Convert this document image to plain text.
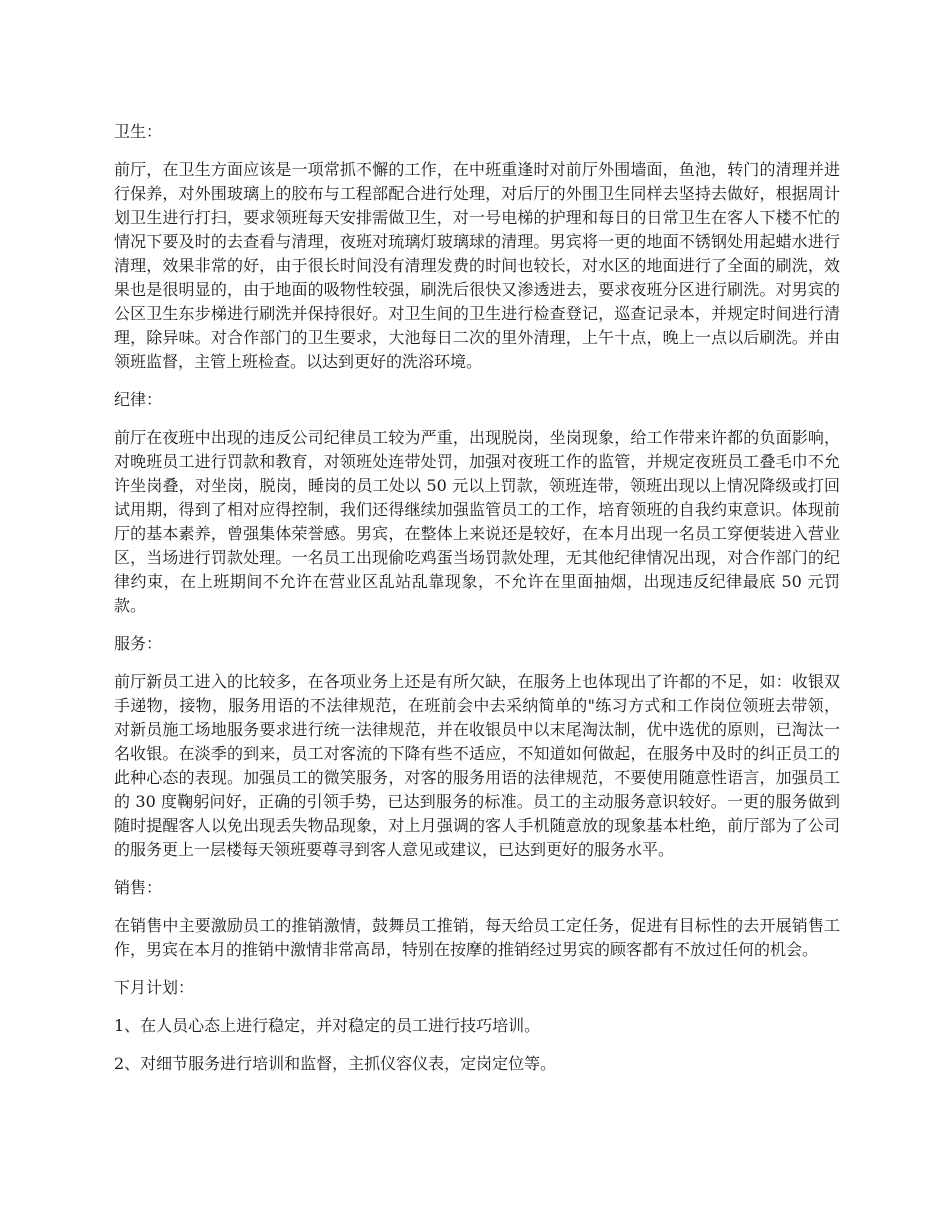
卫生：

前厅，在卫生方面应该是一项常抓不懈的工作，在中班重逢时对前厅外围墙面，鱼池，转门的清理并进行保养，对外围玻璃上的胶布与工程部配合进行处理，对后厅的外围卫生同样去坚持去做好，根据周计划卫生进行打扫，要求领班每天安排需做卫生，对一号电梯的护理和每日的日常卫生在客人下楼不忙的情况下要及时的去查看与清理，夜班对琉璃灯玻璃球的清理。男宾将一更的地面不锈钢处用起蜡水进行清理，效果非常的好，由于很长时间没有清理发费的时间也较长，对水区的地面进行了全面的刷洗，效果也是很明显的，由于地面的吸物性较强，刷洗后很快又渗透进去，要求夜班分区进行刷洗。对男宾的公区卫生东步梯进行刷洗并保持很好。对卫生间的卫生进行检查登记，巡查记录本，并规定时间进行清理，除异味。对合作部门的卫生要求，大池每日二次的里外清理，上午十点，晚上一点以后刷洗。并由领班监督，主管上班检查。以达到更好的洗浴环境。

纪律：

前厅在夜班中出现的违反公司纪律员工较为严重，出现脱岗，坐岗现象，给工作带来许都的负面影响，对晚班员工进行罚款和教育，对领班处连带处罚，加强对夜班工作的监管，并规定夜班员工叠毛巾不允许坐岗叠，对坐岗，脱岗，睡岗的员工处以 50 元以上罚款，领班连带，领班出现以上情况降级或打回试用期，得到了相对应得控制，我们还得继续加强监管员工的工作，培育领班的自我约束意识。体现前厅的基本素养，曾强集体荣誉感。男宾，在整体上来说还是较好，在本月出现一名员工穿便装进入营业区，当场进行罚款处理。一名员工出现偷吃鸡蛋当场罚款处理，无其他纪律情况出现，对合作部门的纪律约束，在上班期间不允许在营业区乱站乱靠现象，不允许在里面抽烟，出现违反纪律最底 50 元罚款。

服务：

前厅新员工进入的比较多，在各项业务上还是有所欠缺，在服务上也体现出了许都的不足，如：收银双手递物，接物，服务用语的不法律规范，在班前会中去采纳简单的"练习方式和工作岗位领班去带领，对新员施工场地服务要求进行统一法律规范，并在收银员中以末尾淘汰制，优中选优的原则，已淘汰一名收银。在淡季的到来，员工对客流的下降有些不适应，不知道如何做起，在服务中及时的纠正员工的此种心态的表现。加强员工的微笑服务，对客的服务用语的法律规范，不要使用随意性语言，加强员工的 30 度鞠躬问好，正确的引领手势，已达到服务的标准。员工的主动服务意识较好。一更的服务做到随时提醒客人以免出现丢失物品现象，对上月强调的客人手机随意放的现象基本杜绝，前厅部为了公司的服务更上一层楼每天领班要尊寻到客人意见或建议，已达到更好的服务水平。

销售：

在销售中主要激励员工的推销激情，鼓舞员工推销，每天给员工定任务，促进有目标性的去开展销售工作，男宾在本月的推销中激情非常高昂，特别在按摩的推销经过男宾的顾客都有不放过任何的机会。

下月计划：

1、在人员心态上进行稳定，并对稳定的员工进行技巧培训。

2、对细节服务进行培训和监督，主抓仪容仪表，定岗定位等。
